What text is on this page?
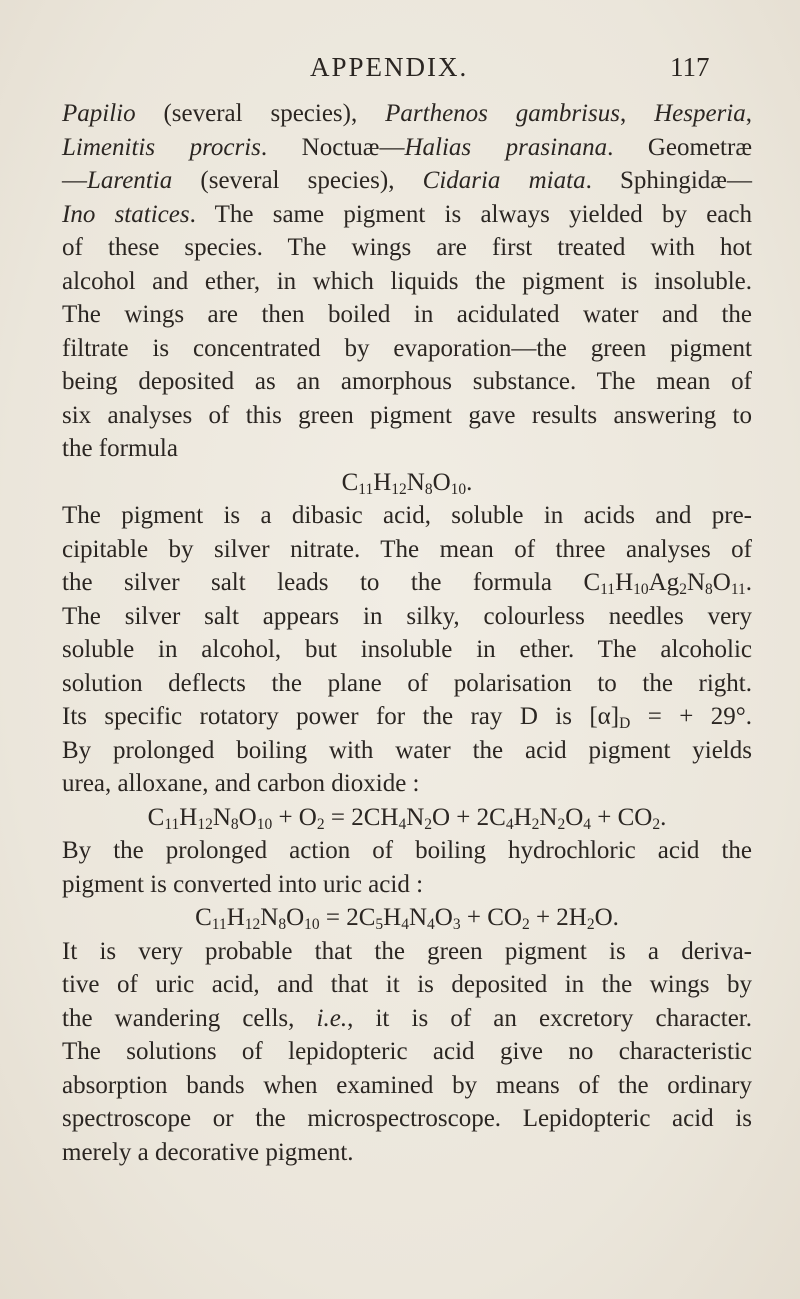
APPENDIX.	117

Papilio (several species), Parthenos gambrisus, Hesperia,
Limenitis procris. Noctuæ—Halias prasinana. Geometræ
—Larentia (several species), Cidaria miata. Sphingidæ—
Ino statices. The same pigment is always yielded by each
of these species. The wings are first treated with hot
alcohol and ether, in which liquids the pigment is insoluble.
The wings are then boiled in acidulated water and the
filtrate is concentrated by evaporation—the green pigment
being deposited as an amorphous substance. The mean of
six analyses of this green pigment gave results answering to
the formula

$C_{11}H_{12}N_8O_{10}$.

The pigment is a dibasic acid, soluble in acids and pre-
cipitable by silver nitrate. The mean of three analyses of
the silver salt leads to the formula $C_{11}H_{10}Ag_2N_8O_{11}$.
The silver salt appears in silky, colourless needles very
soluble in alcohol, but insoluble in ether. The alcoholic
solution deflects the plane of polarisation to the right.
Its specific rotatory power for the ray D is $[\alpha]_D$ = + 29°.
By prolonged boiling with water the acid pigment yields
urea, alloxane, and carbon dioxide :

$C_{11}H_{12}N_8O_{10} + O_2 = 2CH_4N_2O + 2C_4H_2N_2O_4 + CO_2$.

By the prolonged action of boiling hydrochloric acid the
pigment is converted into uric acid :

$C_{11}H_{12}N_8O_{10} = 2C_5H_4N_4O_3 + CO_2 + 2H_2O$.

It is very probable that the green pigment is a deriva-
tive of uric acid, and that it is deposited in the wings by
the wandering cells, i.e., it is of an excretory character.
The solutions of lepidopteric acid give no characteristic
absorption bands when examined by means of the ordinary
spectroscope or the microspectroscope. Lepidopteric acid is
merely a decorative pigment.
